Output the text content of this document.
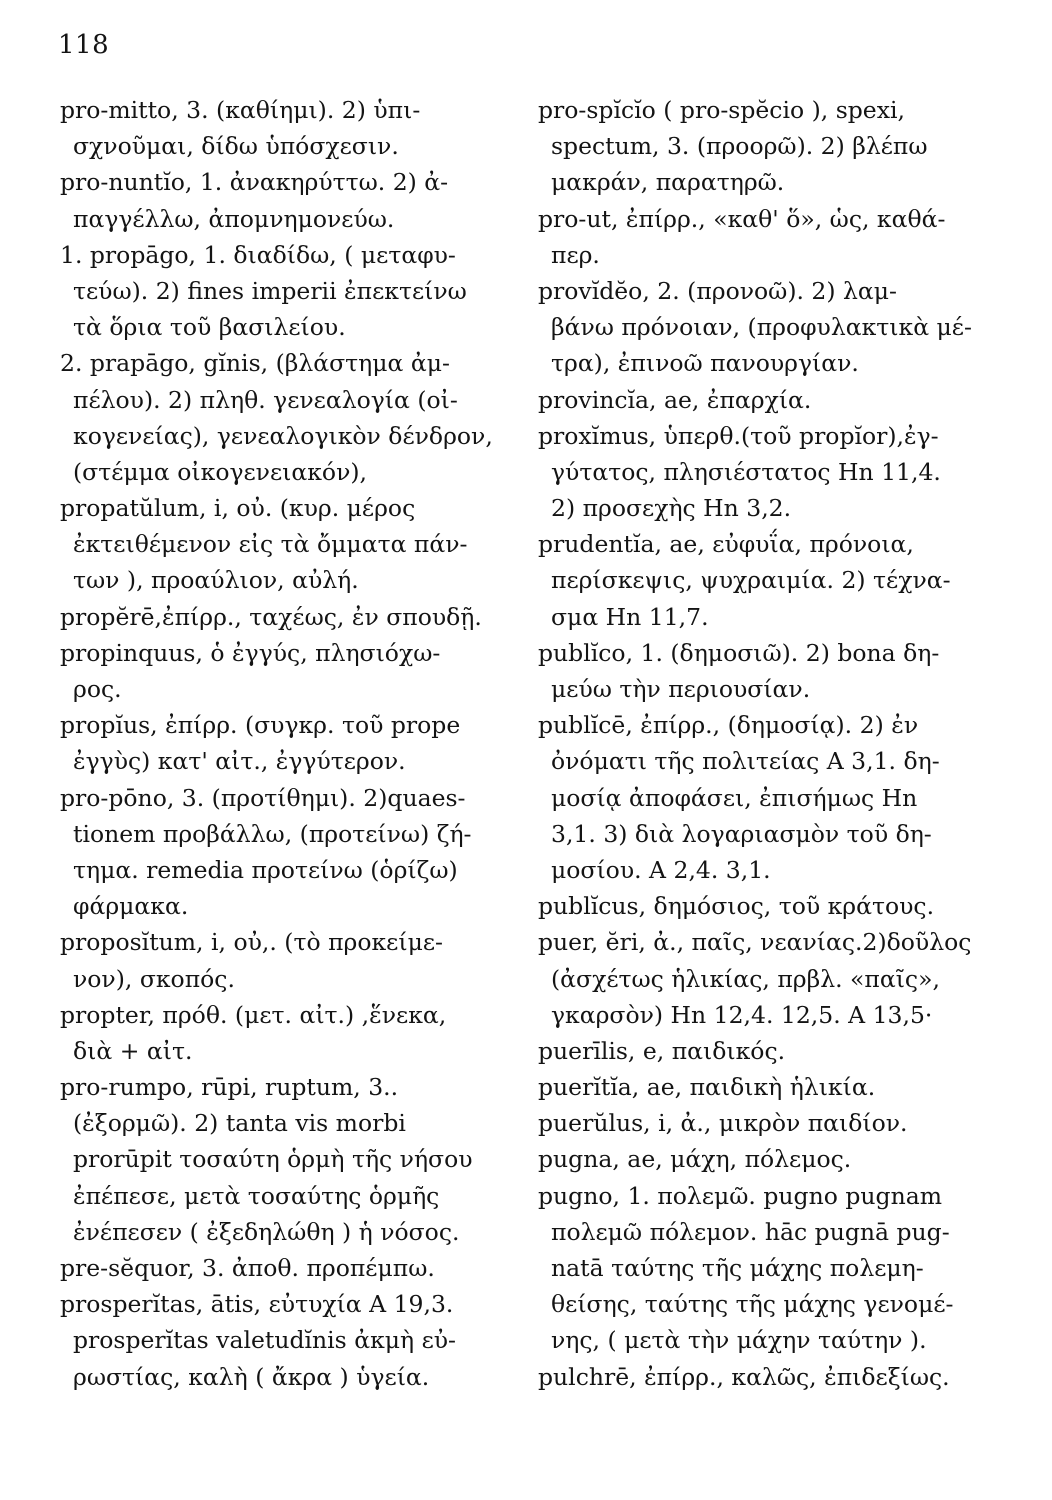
118
pro-mitto, 3. (καθίημι). 2) ὑπι-
σχνοῦμαι, δίδω ὑπόσχεσιν.
pro-nuntĭo, 1. ἀνακηρύττω. 2) ἀ-
παγγέλλω, ἀπομνημονεύω.
1. propāgo, 1. διαδίδω, ( μεταφυ-
τεύω). 2) fines imperii ἐπεκτείνω
τὰ ὅρια τοῦ βασιλείου.
2. prapāgo, gĭnis, (βλάστημα ἀμ-
πέλου). 2) πληθ. γενεαλογία (οἰ-
κογενείας), γενεαλογικὸν δένδρον,
(στέμμα οἰκογενειακόν),
propatŭlum, i, οὐ. (κυρ. μέρος
ἐκτειθέμενον εἰς τὰ ὄμματα πάν-
των ), προαύλιον, αὐλή.
propĕrē,ἐπίρρ., ταχέως, ἐν σπουδῇ.
propinquus, ὁ ἐγγύς, πλησιόχω-
ρος.
propĭus, ἐπίρρ. (συγκρ. τοῦ prope
ἐγγὺς) κατ' αἰτ., ἐγγύτερον.
pro-pōno, 3. (προτίθημι). 2)quaes-
tionem προβάλλω, (προτείνω) ζή-
τημα. remedia προτείνω (ὁρίζω)
φάρμακα.
proposĭtum, i, οὐ,. (τὸ προκείμε-
νον), σκοπός.
propter, πρόθ. (μετ. αἰτ.) ,ἕνεκα,
διὰ + αἰτ.
pro-rumpo, rūpi, ruptum, 3..
(ἐξορμῶ). 2) tanta vis morbi
prorūpit τοσαύτη ὁρμὴ τῆς νήσου
ἐπέπεσε, μετὰ τοσαύτης ὁρμῆς
ἐνέπεσεν ( ἐξεδηλώθη ) ἡ νόσος.
pre-sĕquor, 3. ἀποθ. προπέμπω.
prosperĭtas, ātis, εὐτυχία A 19,3.
prosperĭtas valetudĭnis ἀκμὴ εὐ-
ρωστίας, καλὴ ( ἄκρα ) ὑγεία.
pro-spĭcĭo ( pro-spĕcio ), spexi,
spectum, 3. (προορῶ). 2) βλέπω
μακράν, παρατηρῶ.
pro-ut, ἐπίρρ., «καθ' ὅ», ὡς, καθά-
περ.
provĭdĕo, 2. (προνοῶ). 2) λαμ-
βάνω πρόνοιαν, (προφυλακτικὰ μέ-
τρα), ἐπινοῶ πανουργίαν.
provincĭa, ae, ἐπαρχία.
proxĭmus, ὑπερθ.(τοῦ propĭor),ἐγ-
γύτατος, πλησιέστατος Hn 11,4.
2) προσεχὴς Hn 3,2.
prudentĭa, ae, εὐφυΐα, πρόνοια,
περίσκεψις, ψυχραιμία. 2) τέχνα-
σμα Hn 11,7.
publĭco, 1. (δημοσιῶ). 2) bona δη-
μεύω τὴν περιουσίαν.
publĭcē, ἐπίρρ., (δημοσίᾳ). 2) ἐν
ὀνόματι τῆς πολιτείας A 3,1. δη-
μοσίᾳ ἀποφάσει, ἐπισήμως Hn
3,1. 3) διὰ λογαριασμὸν τοῦ δη-
μοσίου. A 2,4. 3,1.
publĭcus, δημόσιος, τοῦ κράτους.
puer, ĕri, ἀ., παῖς, νεανίας.2)δοῦλος
(ἀσχέτως ἡλικίας, πρβλ. «παῖς»,
γκαρσὸν) Hn 12,4. 12,5. A 13,5·
puerīlis, e, παιδικός.
puerĭtĭa, ae, παιδικὴ ἡλικία.
puerŭlus, i, ἀ., μικρὸν παιδίον.
pugna, ae, μάχη, πόλεμος.
pugno, 1. πολεμῶ. pugno pugnam
πολεμῶ πόλεμον. hāc pugnā pug-
natā ταύτης τῆς μάχης πολεμη-
θείσης, ταύτης τῆς μάχης γενομέ-
νης, ( μετὰ τὴν μάχην ταύτην ).
pulchrē, ἐπίρρ., καλῶς, ἐπιδεξίως.
